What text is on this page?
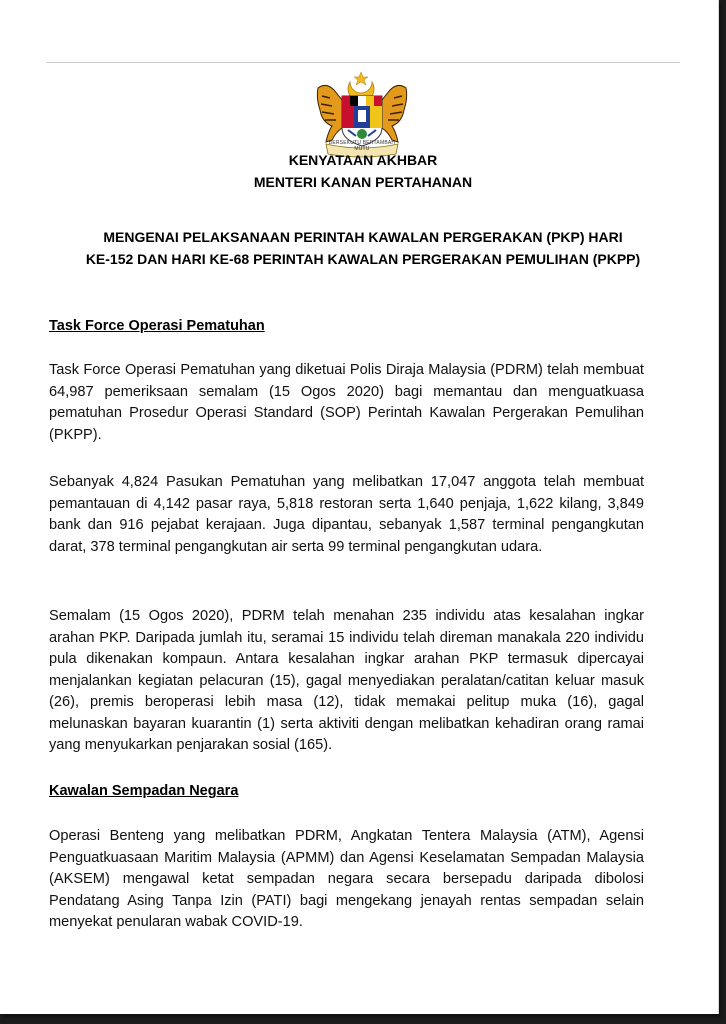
BERSEKUTU BERTAMBAH MUTU
KENYATAAN AKHBAR
MENTERI KANAN PERTAHANAN
MENGENAI PELAKSANAAN PERINTAH KAWALAN PERGERAKAN (PKP) HARI
KE-152 DAN HARI KE-68 PERINTAH KAWALAN PERGERAKAN PEMULIHAN (PKPP)
Task Force Operasi Pematuhan
Task Force Operasi Pematuhan yang diketuai Polis Diraja Malaysia (PDRM) telah membuat 64,987 pemeriksaan semalam (15 Ogos 2020) bagi memantau dan menguatkuasa pematuhan Prosedur Operasi Standard (SOP) Perintah Kawalan Pergerakan Pemulihan (PKPP).
Sebanyak 4,824 Pasukan Pematuhan yang melibatkan 17,047 anggota telah membuat pemantauan di 4,142 pasar raya, 5,818 restoran serta 1,640 penjaja, 1,622 kilang, 3,849 bank dan 916 pejabat kerajaan. Juga dipantau, sebanyak 1,587 terminal pengangkutan darat, 378 terminal pengangkutan air serta 99 terminal pengangkutan udara.
Semalam (15 Ogos 2020), PDRM telah menahan 235 individu atas kesalahan ingkar arahan PKP. Daripada jumlah itu, seramai 15 individu telah direman manakala 220 individu pula dikenakan kompaun. Antara kesalahan ingkar arahan PKP termasuk dipercayai menjalankan kegiatan pelacuran (15), gagal menyediakan peralatan/catitan keluar masuk (26), premis beroperasi lebih masa (12), tidak memakai pelitup muka (16), gagal melunaskan bayaran kuarantin (1) serta aktiviti dengan melibatkan kehadiran orang ramai yang menyukarkan penjarakan sosial (165).
Kawalan Sempadan Negara
Operasi Benteng yang melibatkan PDRM, Angkatan Tentera Malaysia (ATM), Agensi Penguatkuasaan Maritim Malaysia (APMM) dan Agensi Keselamatan Sempadan Malaysia (AKSEM) mengawal ketat sempadan negara secara bersepadu daripada dibolosi Pendatang Asing Tanpa Izin (PATI) bagi mengekang jenayah rentas sempadan selain menyekat penularan wabak COVID-19.
